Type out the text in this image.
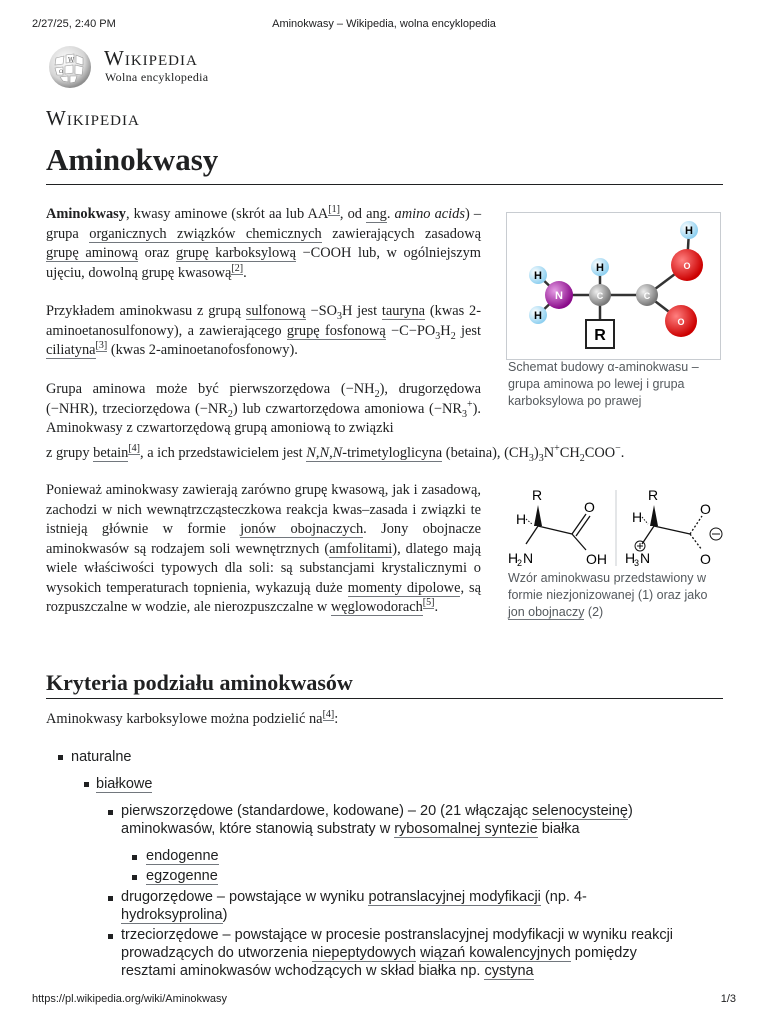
2/27/25, 2:40 PM	Aminokwasy – Wikipedia, wolna encyklopedia
W
Ω
Wikipedia
Wolna encyklopedia
Wikipedia
Aminokwasy

Aminokwasy, kwasy aminowe (skrót aa lub AA[1], od ang. amino acids) – grupa organicznych związków chemicznych zawierających zasadową grupę aminową oraz grupę karboksylową −COOH lub, w ogólniejszym ujęciu, dowolną grupę kwasową[2].

Przykładem aminokwasu z grupą sulfonową $-SO_3H$ jest tauryna (kwas 2-aminoetanosulfonowy), a zawierającego grupę fosfonową $-C-PO_3H_2$ jest ciliatyna[3] (kwas 2-aminoetanofosfonowy).

Grupa aminowa może być pierwszorzędowa $(-NH_2)$, drugorzędowa (−NHR), trzeciorzędowa $(-NR_2)$ lub czwartorzędowa amoniowa $(-NR_3^+)$. Aminokwasy z czwartorzędową grupą amoniową to związki

z grupy betain[4], a ich przedstawicielem jest N,N,N-trimetyloglicyna (betaina), $(CH_3)_3N^+CH_2COO^-$.

Ponieważ aminokwasy zawierają zarówno grupę kwasową, jak i zasadową, zachodzi w nich wewnątrzcząsteczkowa reakcja kwas–zasada i związki te istnieją głównie w formie jonów obojnaczych. Jony obojnacze aminokwasów są rodzajem soli wewnętrznych (amfolitami), dlatego mają wiele właściwości typowych dla soli: są substancjami krystalicznymi o wysokich temperaturach topnienia, wykazują duże momenty dipolowe, są rozpuszczalne w wodzie, ale nierozpuszczalne w węglowodorach[5].

R
H
H
H
H
N	C	C
O
O
Schemat budowy α-aminokwasu – grupa aminowa po lewej i grupa karboksylowa po prawej
R
H
H
2 N
O
OH
R
H
H
3 N
O
O
Wzór aminokwasu przedstawiony w formie niezjonizowanej (1) oraz jako jon obojnaczy (2)
Kryteria podziału aminokwasów
Aminokwasy karboksylowe można podzielić na[4]:
naturalne
białkowe
pierwszorzędowe (standardowe, kodowane) – 20 (21 włączając selenocysteinę)
aminokwasów, które stanowią substraty w rybosomalnej syntezie białka
endogenne
egzogenne
drugorzędowe – powstające w wyniku potranslacyjnej modyfikacji (np. 4-
hydroksyprolina)
trzeciorzędowe – powstające w procesie postranslacyjnej modyfikacji w wyniku reakcji
prowadzących do utworzenia niepeptydowych wiązań kowalencyjnych pomiędzy
resztami aminokwasów wchodzących w skład białka np. cystyna
https://pl.wikipedia.org/wiki/Aminokwasy	1/3
